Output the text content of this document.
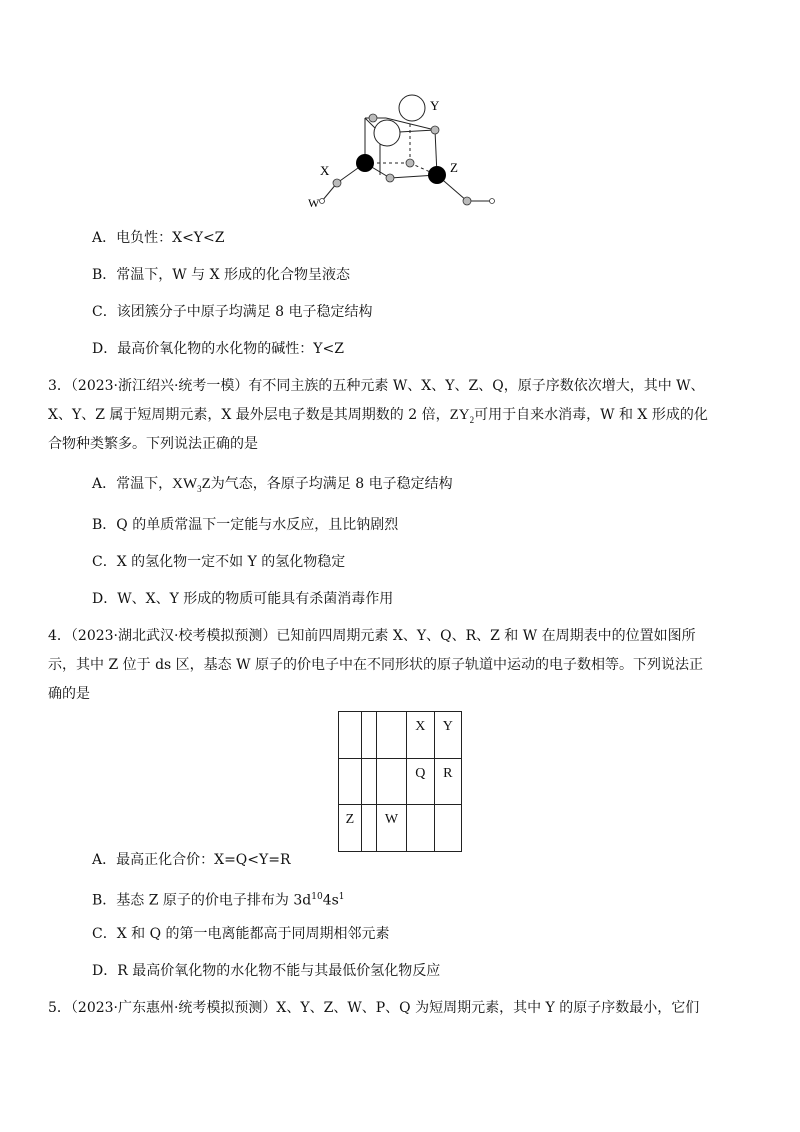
Y
X	Z
W
A．电负性：X<Y<Z
B．常温下，W 与 X 形成的化合物呈液态
C．该团簇分子中原子均满足 8 电子稳定结构
D．最高价氧化物的水化物的碱性：Y<Z
3．（2023·浙江绍兴·统考一模）有不同主族的五种元素 W、X、Y、Z、Q，原子序数依次增大，其中 W、
X、Y、Z 属于短周期元素，X 最外层电子数是其周期数的 2 倍，$ZY_2$可用于自来水消毒，W 和 X 形成的化
合物种类繁多。下列说法正确的是
A．常温下，$XW_3Z$为气态，各原子均满足 8 电子稳定结构
B．Q 的单质常温下一定能与水反应，且比钠剧烈
C．X 的氢化物一定不如 Y 的氢化物稳定
D．W、X、Y 形成的物质可能具有杀菌消毒作用
4．（2023·湖北武汉·校考模拟预测）已知前四周期元素 X、Y、Q、R、Z 和 W 在周期表中的位置如图所
示，其中 Z 位于 ds 区，基态 W 原子的价电子中在不同形状的原子轨道中运动的电子数相等。下列说法正
确的是
			X	Y
			Q	R
Z		W		
A．最高正化合价：X=Q<Y=R
B．基态 Z 原子的价电子排布为 $3d^{10}4s^1$
C．X 和 Q 的第一电离能都高于同周期相邻元素
D．R 最高价氧化物的水化物不能与其最低价氢化物反应
5．（2023·广东惠州·统考模拟预测）X、Y、Z、W、P、Q 为短周期元素，其中 Y 的原子序数最小，它们
